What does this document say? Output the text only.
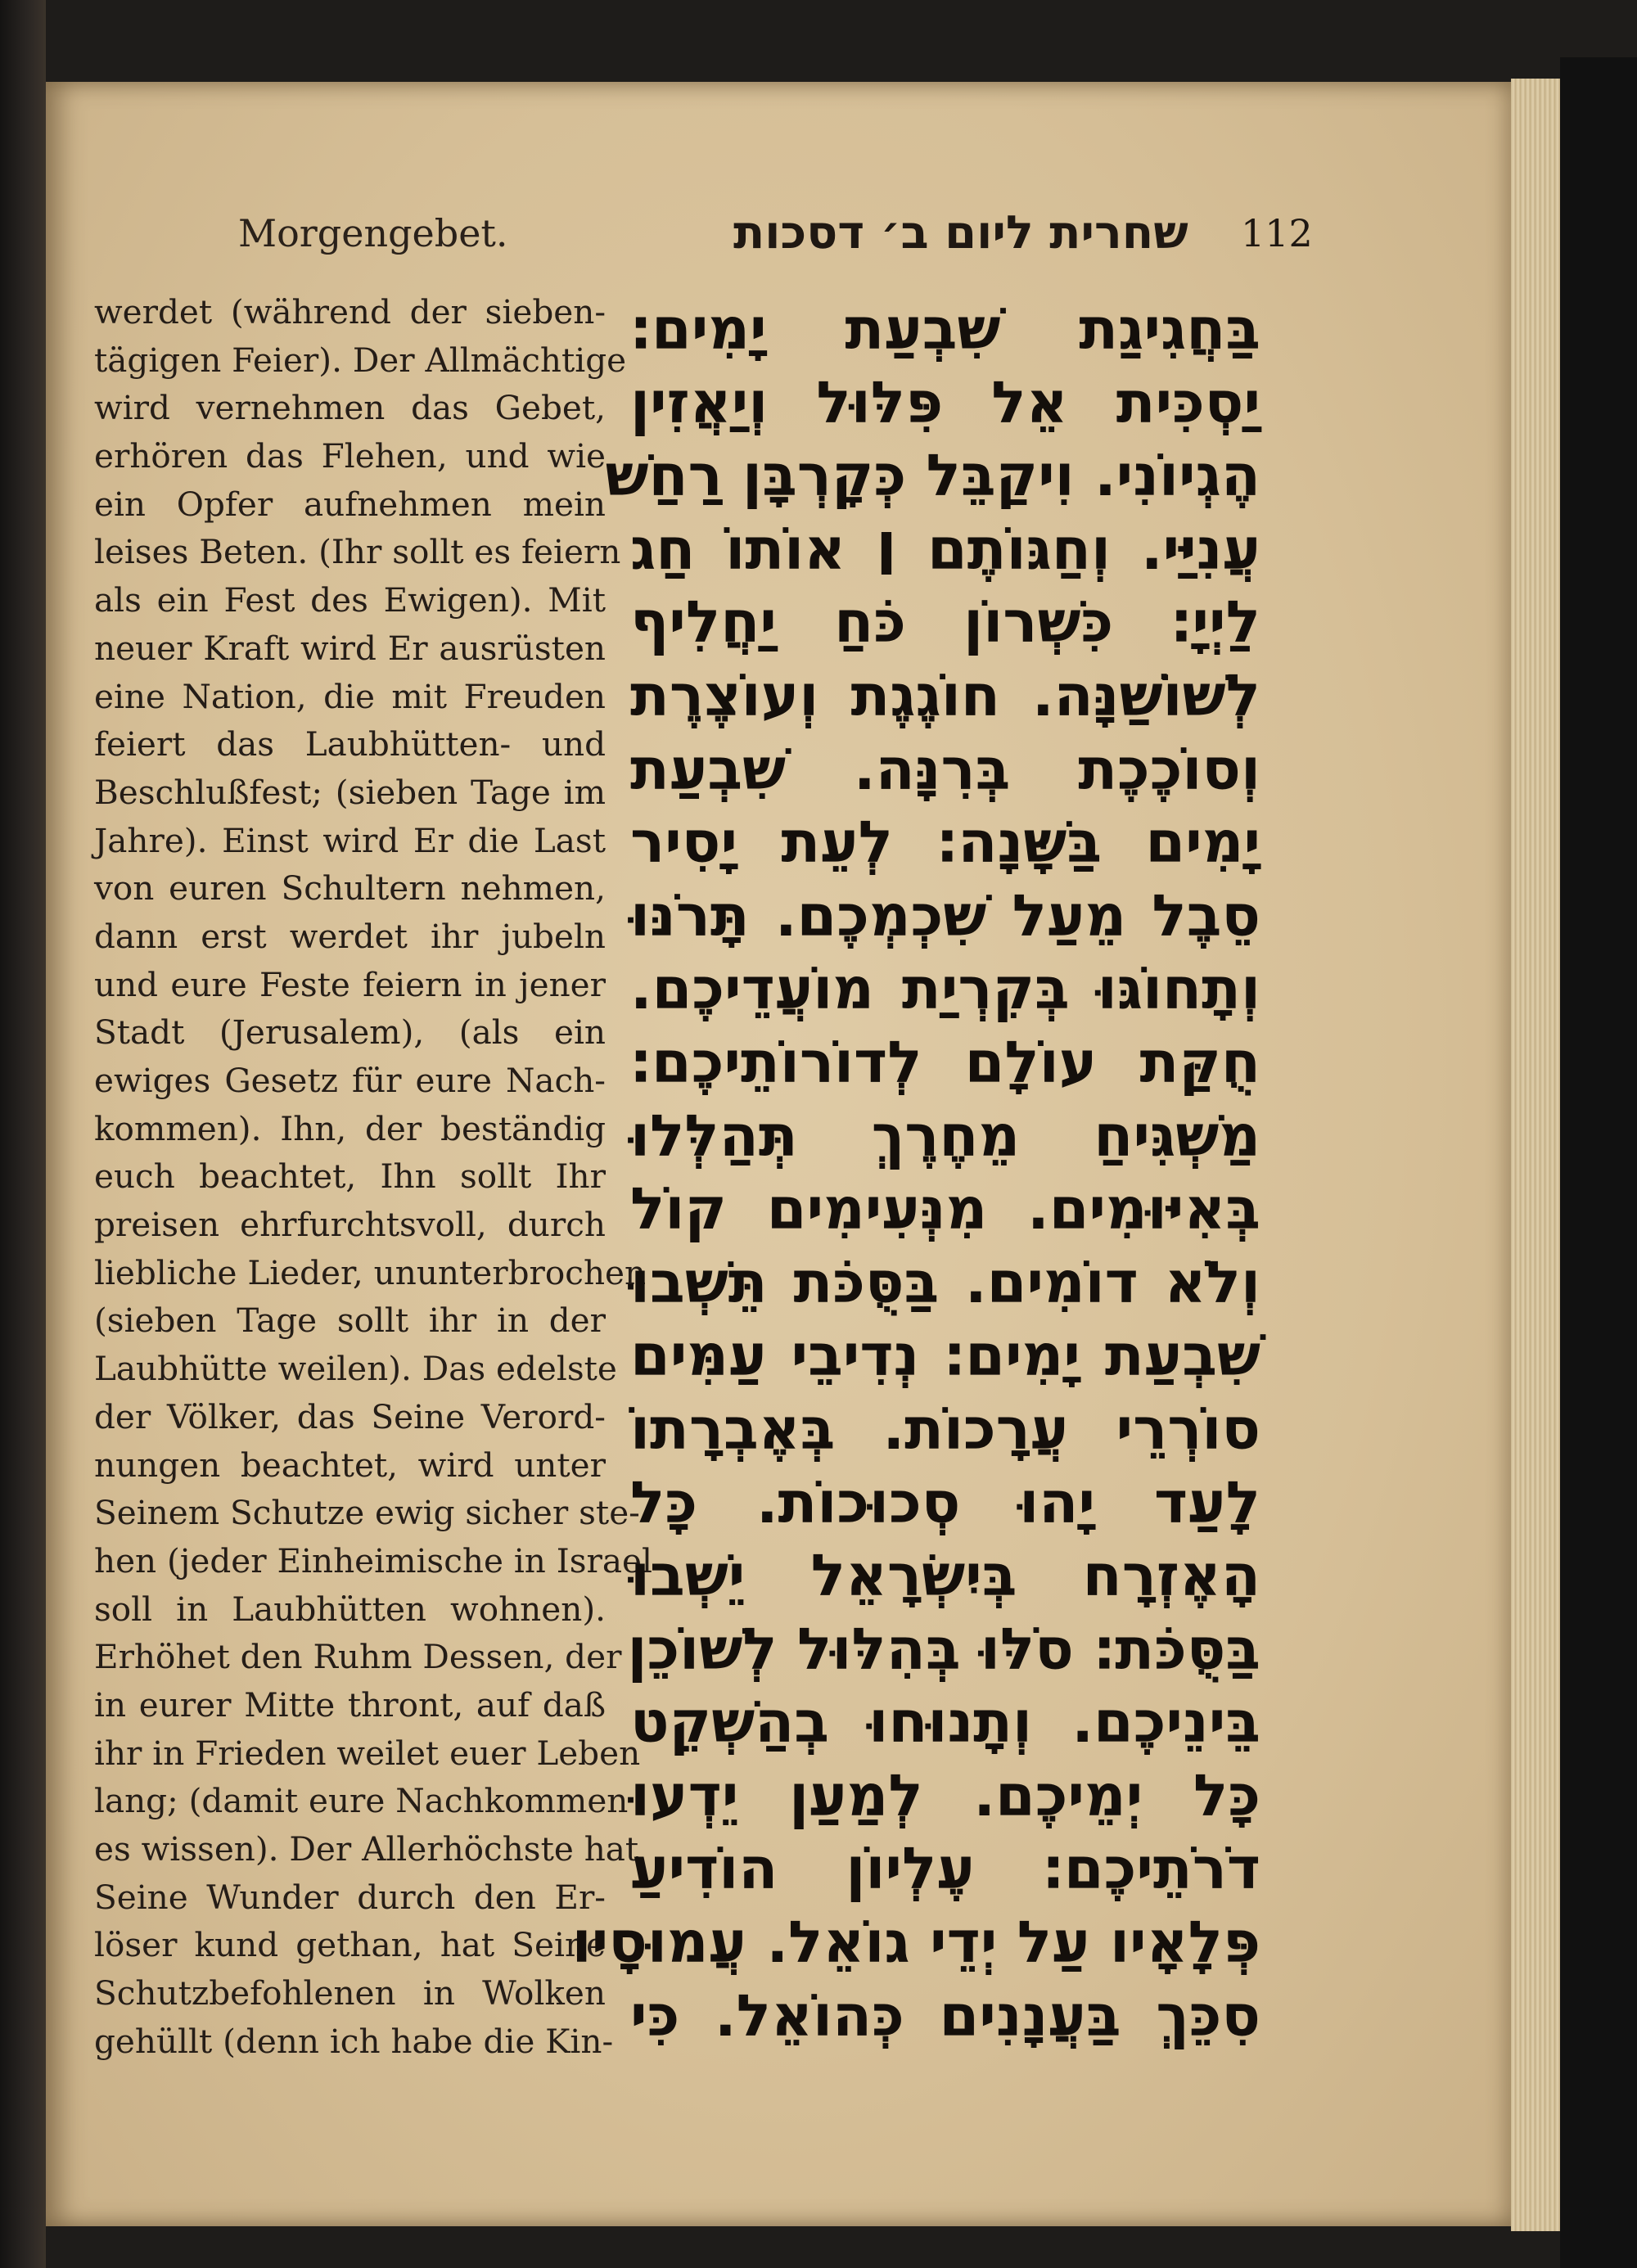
Morgengebet.	שחרית ליום ב׳ דסכות 112
werdet (während der sieben-
tägigen Feier). Der Allmächtige
wird vernehmen das Gebet,
erhören das Flehen, und wie
ein Opfer aufnehmen mein
leises Beten. (Ihr sollt es feiern
als ein Fest des Ewigen). Mit
neuer Kraft wird Er ausrüsten
eine Nation, die mit Freuden
feiert das Laubhütten- und
Beschlußfest; (sieben Tage im
Jahre). Einst wird Er die Last
von euren Schultern nehmen,
dann erst werdet ihr jubeln
und eure Feste feiern in jener
Stadt (Jerusalem), (als ein
ewiges Gesetz für eure Nach-
kommen). Ihn, der beständig
euch beachtet, Ihn sollt Ihr
preisen ehrfurchtsvoll, durch
liebliche Lieder, ununterbrochen
(sieben Tage sollt ihr in der
Laubhütte weilen). Das edelste
der Völker, das Seine Verord-
nungen beachtet, wird unter
Seinem Schutze ewig sicher ste-
hen (jeder Einheimische in Israel
soll in Laubhütten wohnen).
Erhöhet den Ruhm Dessen, der
in eurer Mitte thront, auf daß
ihr in Frieden weilet euer Leben
lang; (damit eure Nachkommen
es wissen). Der Allerhöchste hat
Seine Wunder durch den Er-
löser kund gethan, hat Seine
Schutzbefohlenen in Wolken
gehüllt (denn ich habe die Kin-
בַּחֲגִיגַת שִׁבְעַת יָמִים׃
יַסְכִּית אֵל פִּלּוּל וְיַאֲזִין
הֶגְיוֹנִי. וִיקַבֵּל כְּקָרְבָּן רַחַשׁ
עֲנִיַּי. וְחַגּוֹתֶם ׀ אוֹתוֹ חַג
לַיְיָ׃ כִּשְׁרוֹן כֹּחַ יַחֲלִיף
לְשׁוֹשַׁנָּה. חוֹגֶגֶת וְעוֹצֶרֶת
וְסוֹכֶכֶת בְּרִנָּה. שִׁבְעַת
יָמִים בַּשָּׁנָה׃ לְעֵת יָסִיר
סֵבֶל מֵעַל שִׁכְמְכֶם. תָּרֹנּוּ
וְתָחוֹגּוּ בְּקִרְיַת מוֹעֲדֵיכֶם.
חֻקַּת עוֹלָם לְדוֹרוֹתֵיכֶם׃
מַשְׁגִּיחַ מֵחֶרֶךְ תְּהַלְּלוּ
בְּאִיּוּמִים. מִנְּעִימִים קוֹל
וְלֹא דוֹמִים. בַּסֻּכֹּת תֵּשְׁבוּ
שִׁבְעַת יָמִים׃ נְדִיבֵי עַמִּים
סוֹרְרֵי עֲרָכוֹת. בְּאֶבְרָתוֹ
לָעַד יָהוּ סְכוּכוֹת. כָּל
הָאֶזְרָח בְּיִשְׂרָאֵל יֵשְׁבוּ
בַּסֻּכֹּת׃ סֹלּוּ בְּהִלּוּל לְשׁוֹכֵן
בֵּינֵיכֶם. וְתָנוּחוּ בְהַשְׁקֵט
כָּל יְמֵיכֶם. לְמַעַן יֵדְעוּ
דֹרֹתֵיכֶם׃ עֶלְיוֹן הוֹדִיעַ
פְּלָאָיו עַל יְדֵי גוֹאֵל. עֲמוּסָיו
סִכֵּךְ בַּעֲנָנִים כְּהוֹאֵל. כִּי
